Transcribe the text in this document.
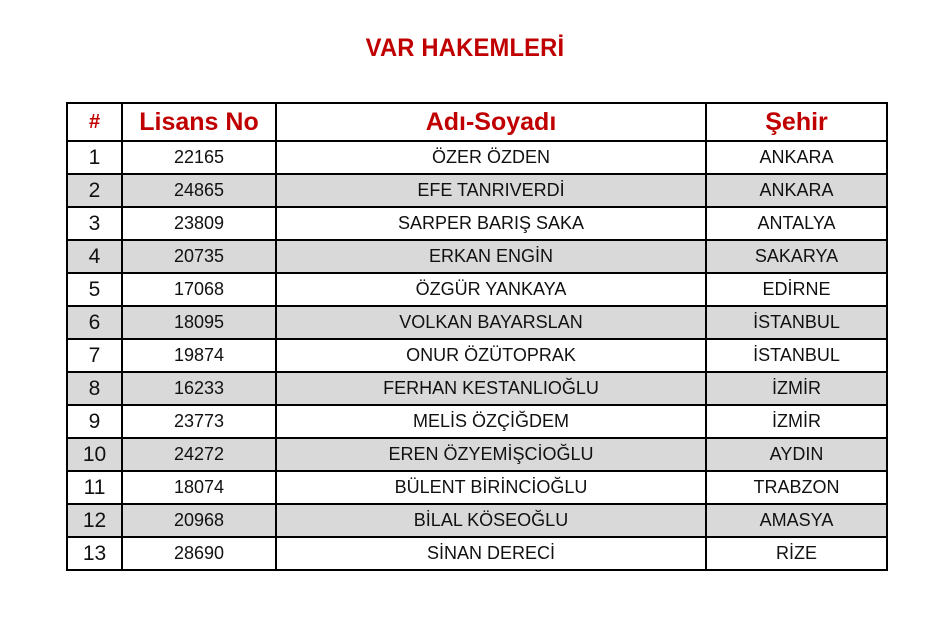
VAR HAKEMLERİ
#	Lisans No	Adı-Soyadı	Şehir
1	22165	ÖZER ÖZDEN	ANKARA
2	24865	EFE TANRIVERDİ	ANKARA
3	23809	SARPER BARIŞ SAKA	ANTALYA
4	20735	ERKAN ENGİN	SAKARYA
5	17068	ÖZGÜR YANKAYA	EDİRNE
6	18095	VOLKAN BAYARSLAN	İSTANBUL
7	19874	ONUR ÖZÜTOPRAK	İSTANBUL
8	16233	FERHAN KESTANLIOĞLU	İZMİR
9	23773	MELİS ÖZÇİĞDEM	İZMİR
10	24272	EREN ÖZYEMİŞCİOĞLU	AYDIN
11	18074	BÜLENT BİRİNCİOĞLU	TRABZON
12	20968	BİLAL KÖSEOĞLU	AMASYA
13	28690	SİNAN DERECİ	RİZE
